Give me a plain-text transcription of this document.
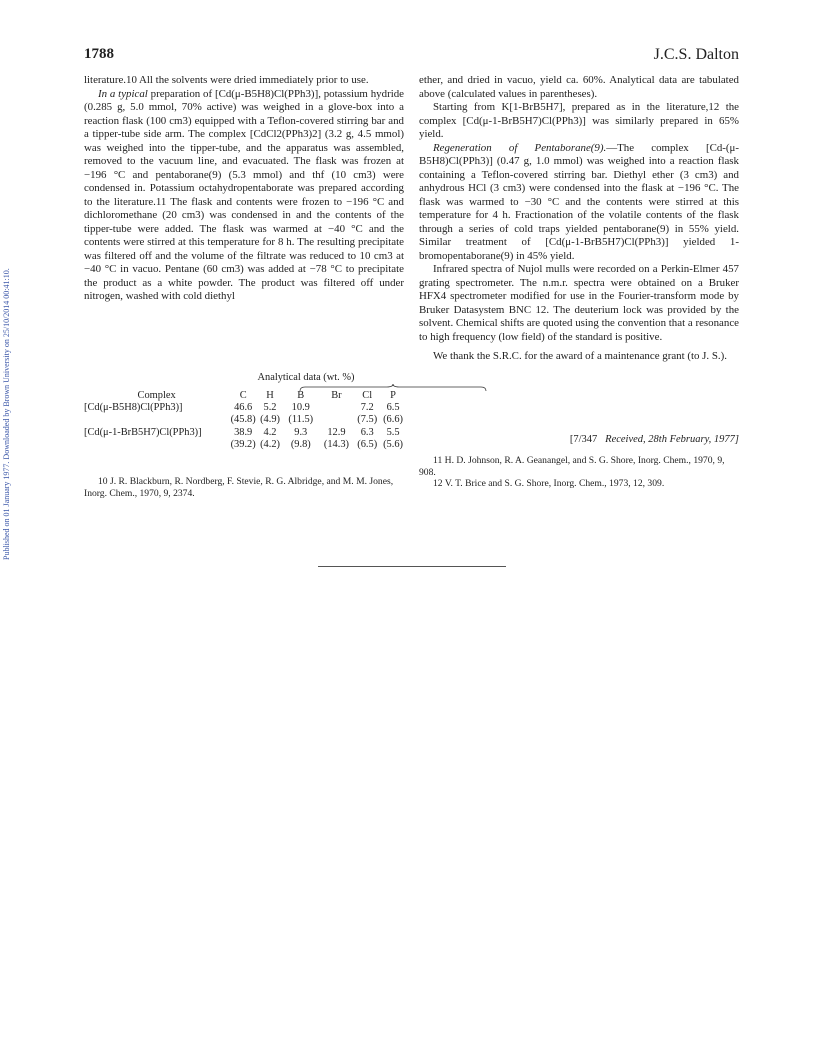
Published on 01 January 1977. Downloaded by Brown University on 25/10/2014 00:41:10.
1788	J.C.S. Dalton

literature.10 All the solvents were dried immediately prior to use.

In a typical preparation of [Cd(μ-B5H8)Cl(PPh3)], potassium hydride (0.285 g, 5.0 mmol, 70% active) was weighed in a glove-box into a reaction flask (100 cm3) equipped with a Teflon-covered stirring bar and a tipper-tube side arm. The complex [CdCl2(PPh3)2] (3.2 g, 4.5 mmol) was weighed into the tipper-tube, and the apparatus was assembled, removed to the vacuum line, and evacuated. The flask was frozen at −196 °C and pentaborane(9) (5.3 mmol) and thf (10 cm3) were condensed in. Potassium octahydropentaborate was prepared according to the literature.11 The flask and contents were frozen to −196 °C and dichloromethane (20 cm3) was condensed in and the contents of the tipper-tube were added. The flask was warmed at −40 °C and the contents were stirred at this temperature for 8 h. The resulting precipitate was filtered off and the volume of the filtrate was reduced to 10 cm3 at −40 °C in vacuo. Pentane (60 cm3) was added at −78 °C to precipitate the product as a white powder. The product was filtered off under nitrogen, washed with cold diethyl

Analytical data (wt. %)
Complex	C	H	B	Br	Cl	P
[Cd(μ-B5H8)Cl(PPh3)]	46.6	5.2	10.9		7.2	6.5
	(45.8)	(4.9)	(11.5)		(7.5)	(6.6)
[Cd(μ-1-BrB5H7)Cl(PPh3)]	38.9	4.2	9.3	12.9	6.3	5.5
	(39.2)	(4.2)	(9.8)	(14.3)	(6.5)	(5.6)

10 J. R. Blackburn, R. Nordberg, F. Stevie, R. G. Albridge, and M. M. Jones, Inorg. Chem., 1970, 9, 2374.

ether, and dried in vacuo, yield ca. 60%. Analytical data are tabulated above (calculated values in parentheses).

Starting from K[1-BrB5H7], prepared as in the literature,12 the complex [Cd(μ-1-BrB5H7)Cl(PPh3)] was similarly prepared in 65% yield.

Regeneration of Pentaborane(9).—The complex [Cd-(μ-B5H8)Cl(PPh3)] (0.47 g, 1.0 mmol) was weighed into a reaction flask containing a Teflon-covered stirring bar. Diethyl ether (3 cm3) and anhydrous HCl (3 cm3) were condensed into the flask at −196 °C. The flask was warmed to −30 °C and the contents were stirred at this temperature for 4 h. Fractionation of the volatile contents of the flask through a series of cold traps yielded pentaborane(9) in 55% yield. Similar treatment of [Cd(μ-1-BrB5H7)Cl(PPh3)] yielded 1-bromopentaborane(9) in 45% yield.

Infrared spectra of Nujol mulls were recorded on a Perkin-Elmer 457 grating spectrometer. The n.m.r. spectra were obtained on a Bruker HFX4 spectrometer modified for use in the Fourier-transform mode by Bruker Datasystem BNC 12. The deuterium lock was provided by the solvent. Chemical shifts are quoted using the convention that a resonance to high frequency (low field) of the standard is positive.

We thank the S.R.C. for the award of a maintenance grant (to J. S.).

[7/347 Received, 28th February, 1977]

11 H. D. Johnson, R. A. Geanangel, and S. G. Shore, Inorg. Chem., 1970, 9, 908.

12 V. T. Brice and S. G. Shore, Inorg. Chem., 1973, 12, 309.
